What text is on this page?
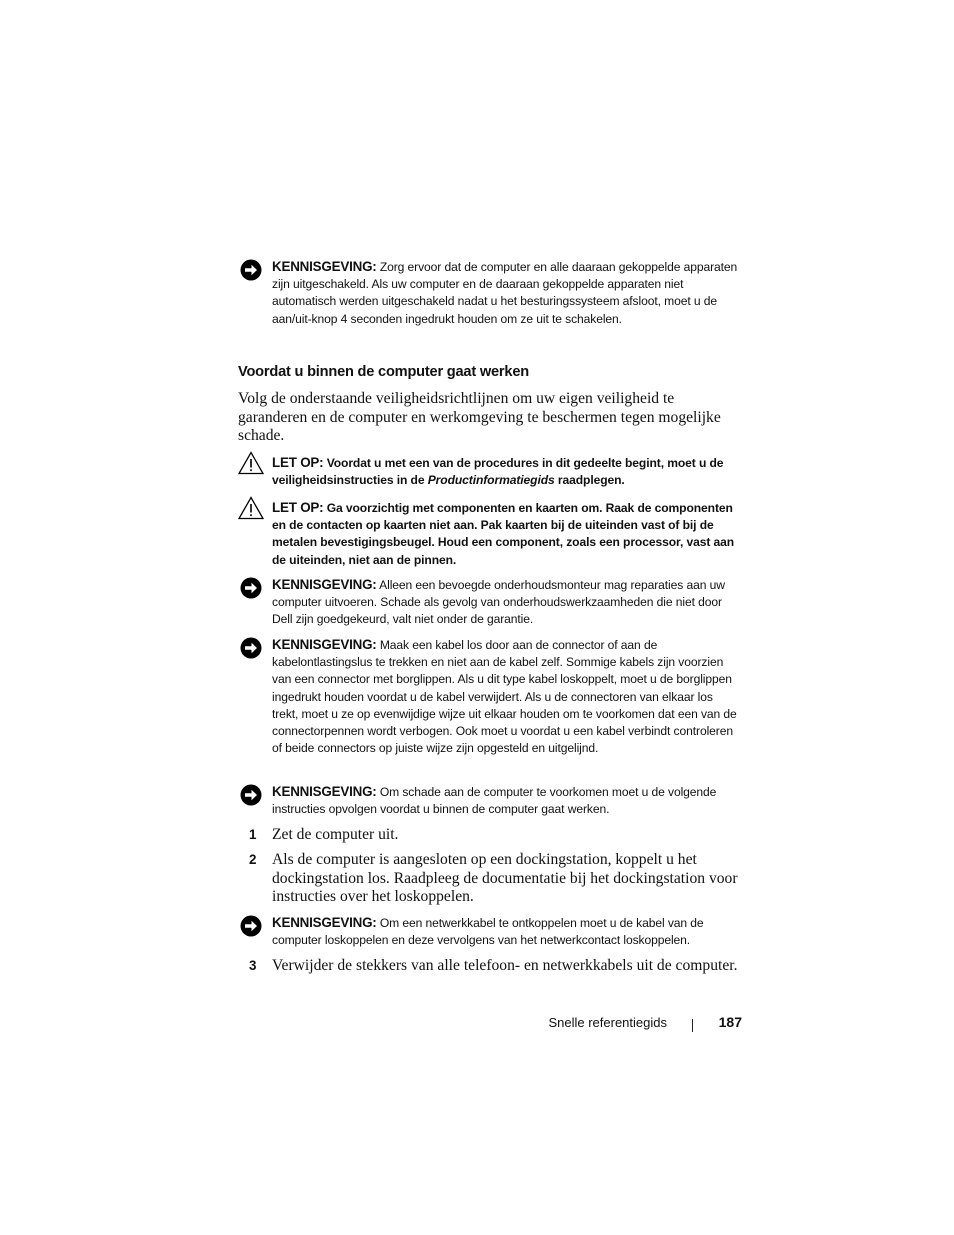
KENNISGEVING: Zorg ervoor dat de computer en alle daaraan gekoppelde apparaten zijn uitgeschakeld. Als uw computer en de daaraan gekoppelde apparaten niet automatisch werden uitgeschakeld nadat u het besturingssysteem afsloot, moet u de aan/uit-knop 4 seconden ingedrukt houden om ze uit te schakelen.
Voordat u binnen de computer gaat werken
Volg de onderstaande veiligheidsrichtlijnen om uw eigen veiligheid te garanderen en de computer en werkomgeving te beschermen tegen mogelijke schade.
LET OP: Voordat u met een van de procedures in dit gedeelte begint, moet u de veiligheidsinstructies in de Productinformatiegids raadplegen.
LET OP: Ga voorzichtig met componenten en kaarten om. Raak de componenten en de contacten op kaarten niet aan. Pak kaarten bij de uiteinden vast of bij de metalen bevestigingsbeugel. Houd een component, zoals een processor, vast aan de uiteinden, niet aan de pinnen.
KENNISGEVING: Alleen een bevoegde onderhoudsmonteur mag reparaties aan uw computer uitvoeren. Schade als gevolg van onderhoudswerkzaamheden die niet door Dell zijn goedgekeurd, valt niet onder de garantie.
KENNISGEVING: Maak een kabel los door aan de connector of aan de kabelontlastingslus te trekken en niet aan de kabel zelf. Sommige kabels zijn voorzien van een connector met borglippen. Als u dit type kabel loskoppelt, moet u de borglippen ingedrukt houden voordat u de kabel verwijdert. Als u de connectoren van elkaar los trekt, moet u ze op evenwijdige wijze uit elkaar houden om te voorkomen dat een van de connectorpennen wordt verbogen. Ook moet u voordat u een kabel verbindt controleren of beide connectors op juiste wijze zijn opgesteld en uitgelijnd.
KENNISGEVING: Om schade aan de computer te voorkomen moet u de volgende instructies opvolgen voordat u binnen de computer gaat werken.
1 Zet de computer uit.
2 Als de computer is aangesloten op een dockingstation, koppelt u het dockingstation los. Raadpleeg de documentatie bij het dockingstation voor instructies over het loskoppelen.
KENNISGEVING: Om een netwerkkabel te ontkoppelen moet u de kabel van de computer loskoppelen en deze vervolgens van het netwerkcontact loskoppelen.
3 Verwijder de stekkers van alle telefoon- en netwerkkabels uit de computer.
Snelle referentiegids	187
